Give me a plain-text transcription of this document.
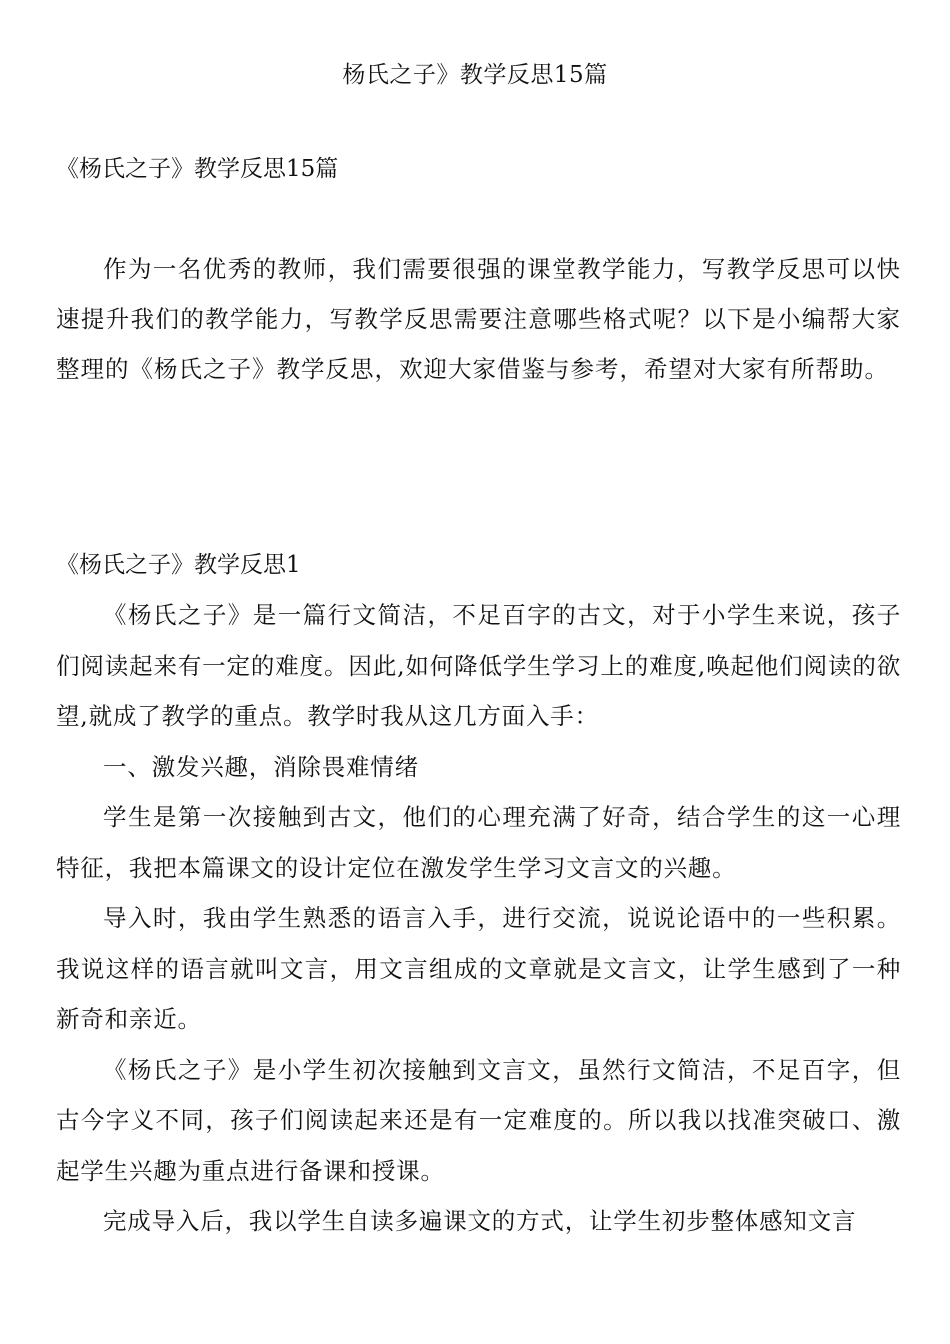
杨氏之子》教学反思15篇
《杨氏之子》教学反思15篇

作为一名优秀的教师，我们需要很强的课堂教学能力，写教学反思可以快速提升我们的教学能力，写教学反思需要注意哪些格式呢？以下是小编帮大家整理的《杨氏之子》教学反思，欢迎大家借鉴与参考，希望对大家有所帮助。

《杨氏之子》教学反思1

《杨氏之子》是一篇行文简洁，不足百字的古文，对于小学生来说，孩子们阅读起来有一定的难度。因此,如何降低学生学习上的难度,唤起他们阅读的欲望,就成了教学的重点。教学时我从这几方面入手：

一、激发兴趣，消除畏难情绪

学生是第一次接触到古文，他们的心理充满了好奇，结合学生的这一心理特征，我把本篇课文的设计定位在激发学生学习文言文的兴趣。

导入时，我由学生熟悉的语言入手，进行交流，说说论语中的一些积累。我说这样的语言就叫文言，用文言组成的文章就是文言文，让学生感到了一种新奇和亲近。

《杨氏之子》是小学生初次接触到文言文，虽然行文简洁，不足百字，但古今字义不同，孩子们阅读起来还是有一定难度的。所以我以找准突破口、激起学生兴趣为重点进行备课和授课。

完成导入后，我以学生自读多遍课文的方式，让学生初步整体感知文言
